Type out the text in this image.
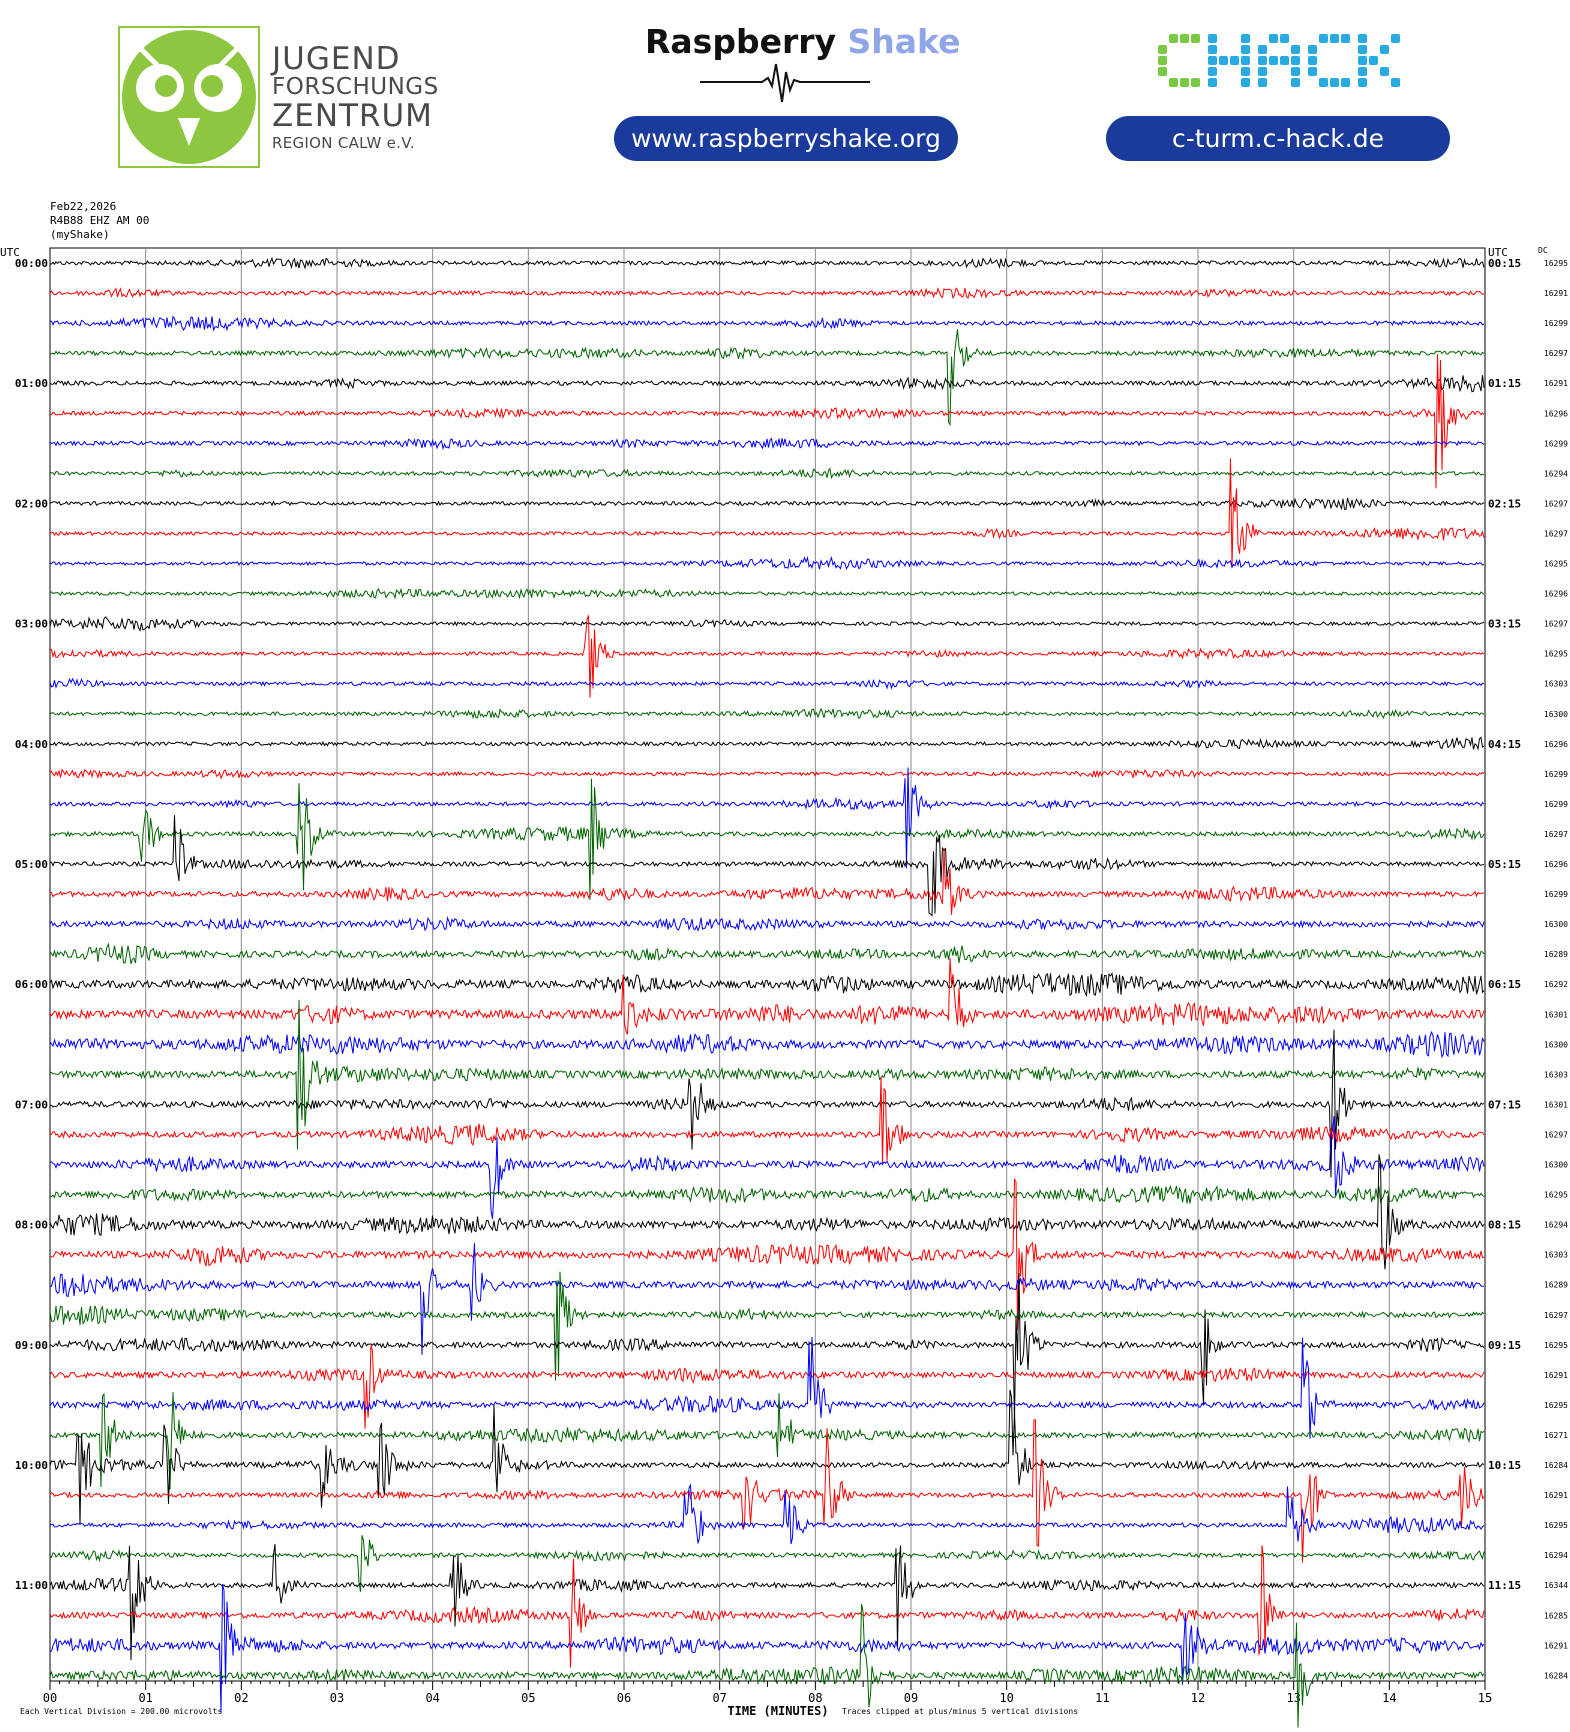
JUGEND
FORSCHUNGS
ZENTRUM
REGION CALW e.V.
Raspberry Shake
www.raspberryshake.org	c-turm.c-hack.de
Feb22,2026
R4B88 EHZ AM 00
(myShake)
UTC	UTC	DC
00	01	02	03	04	05	06	07	08	09	10	11	12	13	14	15
TIME (MINUTES)
Each Vertical Division = 200.00 microvolts	Traces clipped at plus/minus 5 vertical divisions
00:00
01:00
02:00
03:00
04:00
05:00
06:00
07:00
08:00
09:00
10:00
11:00
00:15
01:15
02:15
03:15
04:15
05:15
06:15
07:15
08:15
09:15
10:15
11:15
16295
16291
16299
16297
16291
16296
16299
16294
16297
16297
16295
16296
16297
16295
16303
16300
16296
16299
16299
16297
16296
16299
16300
16289
16292
16301
16300
16303
16301
16297
16300
16295
16294
16303
16289
16297
16295
16291
16295
16271
16284
16291
16295
16294
16344
16285
16291
16284
